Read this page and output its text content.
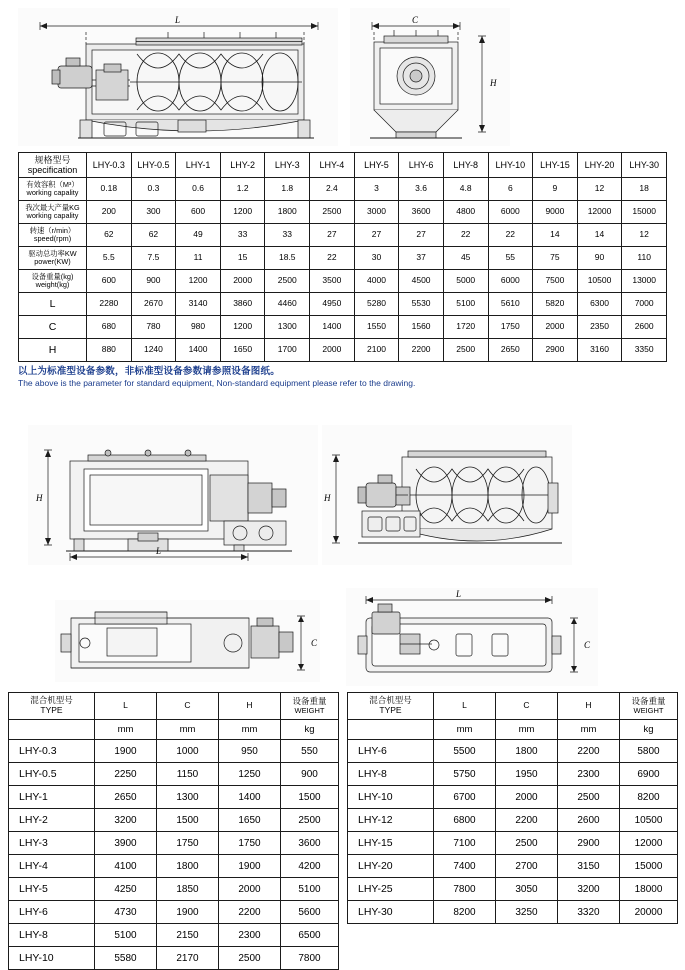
L	C
H
规格型号
specification	LHY-0.3	LHY-0.5	LHY-1	LHY-2	LHY-3	LHY-4	LHY-5	LHY-6	LHY-8	LHY-10	LHY-15	LHY-20	LHY-30
有效容积（M³）
working capality	0.18	0.3	0.6	1.2	1.8	2.4	3	3.6	4.8	6	9	12	18
我次最大产量KG
working capality	200	300	600	1200	1800	2500	3000	3600	4800	6000	9000	12000	15000
转速（r/min）
speed(rpm)	62	62	49	33	33	27	27	27	22	22	14	14	12
驱动总功率KW
power(KW)	5.5	7.5	11	15	18.5	22	30	37	45	55	75	90	110
设备重量(kg)
weight(kg)	600	900	1200	2000	2500	3500	4000	4500	5000	6000	7500	10500	13000
L	2280	2670	3140	3860	4460	4950	5280	5530	5100	5610	5820	6300	7000
C	680	780	980	1200	1300	1400	1550	1560	1720	1750	2000	2350	2600
H	880	1240	1400	1650	1700	2000	2100	2200	2500	2650	2900	3160	3350
以上为标准型设备参数，非标准型设备参数请参照设备图纸。
The above is the parameter for standard equipment, Non-standard equipment please refer to the drawing.
H
L
H
C
L
C
混合机型号
TYPE	L	C	H	设备重量
WEIGHT

	mm	mm	mm	kg
LHY-0.3	1900	1000	950	550
LHY-0.5	2250	1150	1250	900
LHY-1	2650	1300	1400	1500
LHY-2	3200	1500	1650	2500
LHY-3	3900	1750	1750	3600
LHY-4	4100	1800	1900	4200
LHY-5	4250	1850	2000	5100
LHY-6	4730	1900	2200	5600
LHY-8	5100	2150	2300	6500
LHY-10	5580	2170	2500	7800
混合机型号
TYPE	L	C	H	设备重量
WEIGHT

	mm	mm	mm	kg
LHY-6	5500	1800	2200	5800
LHY-8	5750	1950	2300	6900
LHY-10	6700	2000	2500	8200
LHY-12	6800	2200	2600	10500
LHY-15	7100	2500	2900	12000
LHY-20	7400	2700	3150	15000
LHY-25	7800	3050	3200	18000
LHY-30	8200	3250	3320	20000
